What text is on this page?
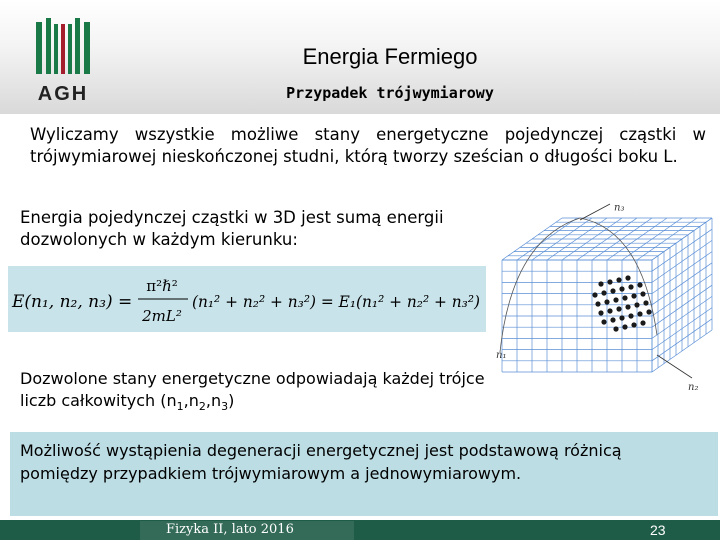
AGH
Energia Fermiego
Przypadek trójwymiarowy
Wyliczamy wszystkie możliwe stany energetyczne pojedynczej cząstki w trójwymiarowej nieskończonej studni, którą tworzy sześcian o długości boku L.
Energia pojedynczej cząstki w 3D jest sumą energii dozwolonych w każdym kierunku:
E(n₁, n₂, n₃) =
π²ℏ²
2mL²
(n₁² + n₂² + n₃²) = E₁(n₁² + n₂² + n₃²)
Dozwolone stany energetyczne odpowiadają każdej trójce liczb całkowitych $(n_1,n_2,n_3)$
n₃
n₁
n₂
Możliwość wystąpienia degeneracji energetycznej jest podstawową różnicą pomiędzy przypadkiem trójwymiarowym a jednowymiarowym.
Fizyka II, lato 2016	23
